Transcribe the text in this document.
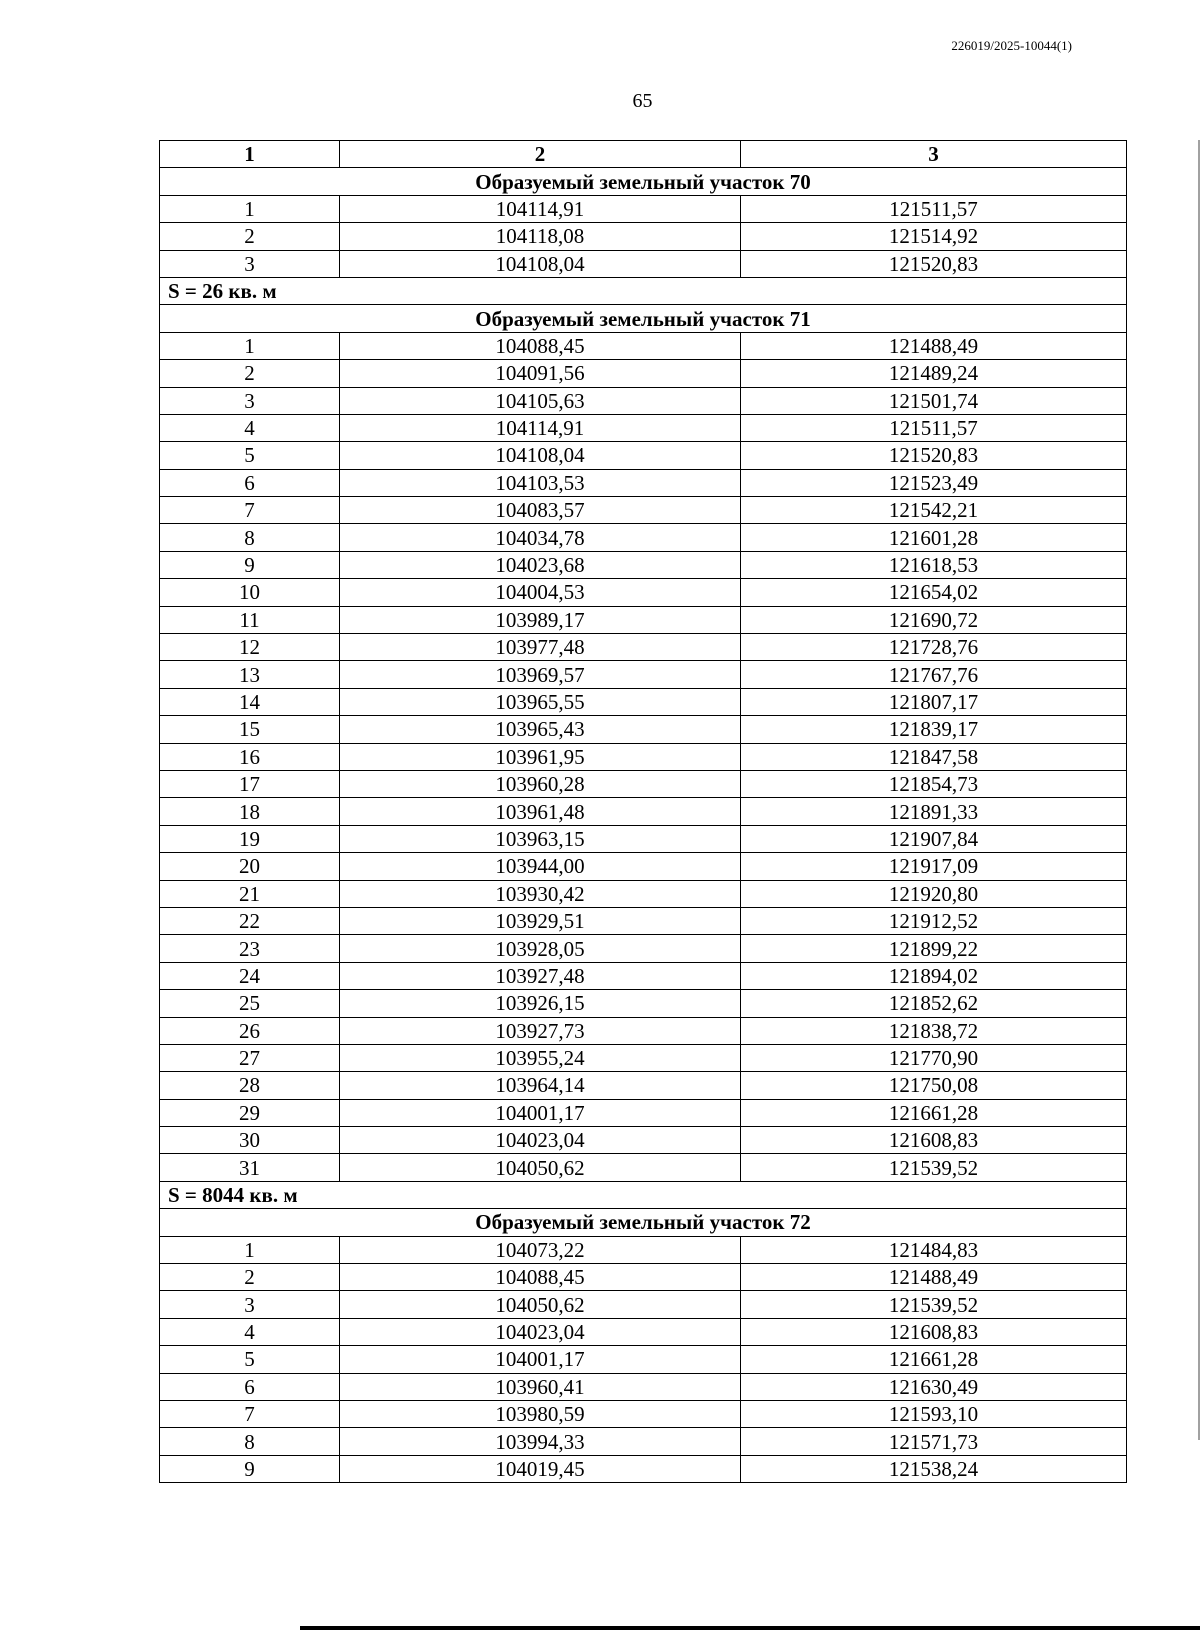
226019/2025-10044(1)
65
1	2	3
Образуемый земельный участок 70		
1	104114,91	121511,57
2	104118,08	121514,92
3	104108,04	121520,83
S = 26 кв. м		
Образуемый земельный участок 71		
1	104088,45	121488,49
2	104091,56	121489,24
3	104105,63	121501,74
4	104114,91	121511,57
5	104108,04	121520,83
6	104103,53	121523,49
7	104083,57	121542,21
8	104034,78	121601,28
9	104023,68	121618,53
10	104004,53	121654,02
11	103989,17	121690,72
12	103977,48	121728,76
13	103969,57	121767,76
14	103965,55	121807,17
15	103965,43	121839,17
16	103961,95	121847,58
17	103960,28	121854,73
18	103961,48	121891,33
19	103963,15	121907,84
20	103944,00	121917,09
21	103930,42	121920,80
22	103929,51	121912,52
23	103928,05	121899,22
24	103927,48	121894,02
25	103926,15	121852,62
26	103927,73	121838,72
27	103955,24	121770,90
28	103964,14	121750,08
29	104001,17	121661,28
30	104023,04	121608,83
31	104050,62	121539,52
S = 8044 кв. м		
Образуемый земельный участок 72		
1	104073,22	121484,83
2	104088,45	121488,49
3	104050,62	121539,52
4	104023,04	121608,83
5	104001,17	121661,28
6	103960,41	121630,49
7	103980,59	121593,10
8	103994,33	121571,73
9	104019,45	121538,24
